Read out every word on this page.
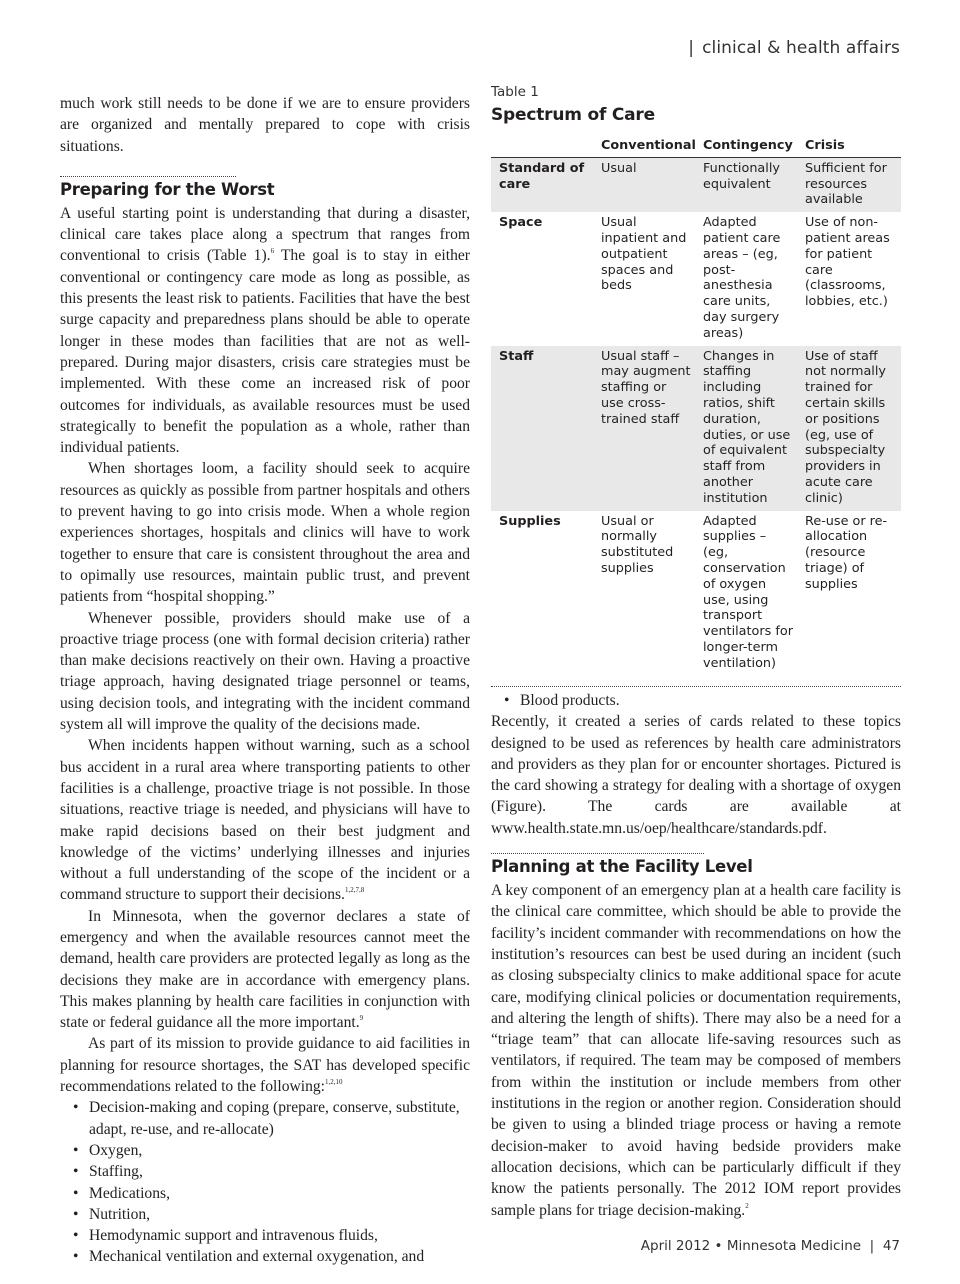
| clinical & health affairs

much work still needs to be done if we are to ensure providers are organized and mentally prepared to cope with crisis situations.

Preparing for the Worst

A useful starting point is understanding that during a disaster, clinical care takes place along a spectrum that ranges from conventional to crisis (Table 1).$^6$ The goal is to stay in either conventional or contingency care mode as long as possible, as this presents the least risk to patients. Facilities that have the best surge capacity and preparedness plans should be able to operate longer in these modes than facilities that are not as well-prepared. During major disasters, crisis care strategies must be implemented. With these come an increased risk of poor outcomes for individuals, as available resources must be used strategically to benefit the population as a whole, rather than individual patients.

When shortages loom, a facility should seek to acquire resources as quickly as possible from partner hospitals and others to prevent having to go into crisis mode. When a whole region experiences shortages, hospitals and clinics will have to work together to ensure that care is consistent throughout the area and to opimally use resources, maintain public trust, and prevent patients from “hospital shopping.”

Whenever possible, providers should make use of a proactive triage process (one with formal decision criteria) rather than make decisions reactively on their own. Having a proactive triage approach, having designated triage personnel or teams, using decision tools, and integrating with the incident command system all will improve the quality of the decisions made.

When incidents happen without warning, such as a school bus accident in a rural area where transporting patients to other facilities is a challenge, proactive triage is not possible. In those situations, reactive triage is needed, and physicians will have to make rapid decisions based on their best judgment and knowledge of the victims’ underlying illnesses and injuries without a full understanding of the scope of the incident or a command structure to support their decisions.$^{1,2,7,8}$

In Minnesota, when the governor declares a state of emergency and when the available resources cannot meet the demand, health care providers are protected legally as long as the decisions they make are in accordance with emergency plans. This makes planning by health care facilities in conjunction with state or federal guidance all the more important.$^9$

As part of its mission to provide guidance to aid facilities in planning for resource shortages, the SAT has developed specific recommendations related to the following:$^{1,2,10}$

• Decision-making and coping (prepare, conserve, substitute, adapt, re-use, and re-allocate)
• Oxygen,
• Staffing,
• Medications,
• Nutrition,
• Hemodynamic support and intravenous fluids,
• Mechanical ventilation and external oxygenation, and
Table 1
Spectrum of Care
	Conventional	Contingency	Crisis
Standard of care	Usual	Functionally equivalent	Sufficient for resources available
Space	Usual inpatient and outpatient spaces and beds	Adapted patient care areas – (eg, post-anesthesia care units, day surgery areas)	Use of non-patient areas for patient care (classrooms, lobbies, etc.)
Staff	Usual staff – may augment staffing or use cross-trained staff	Changes in staffing including ratios, shift duration, duties, or use of equivalent staff from another institution	Use of staff not normally trained for certain skills or positions (eg, use of subspecialty providers in acute care clinic)
Supplies	Usual or normally substituted supplies	Adapted supplies – (eg, conservation of oxygen use, using transport ventilators for longer-term ventilation)	Re-use or re-allocation (resource triage) of supplies
• Blood products.

Recently, it created a series of cards related to these topics designed to be used as references by health care administrators and providers as they plan for or encounter shortages. Pictured is the card showing a strategy for dealing with a shortage of oxygen (Figure). The cards are available at www.health.state.mn.us/oep/healthcare/standards.pdf.

Planning at the Facility Level

A key component of an emergency plan at a health care facility is the clinical care committee, which should be able to provide the facility’s incident commander with recommendations on how the institution’s resources can best be used during an incident (such as closing subspecialty clinics to make additional space for acute care, modifying clinical policies or documentation requirements, and altering the length of shifts). There may also be a need for a “triage team” that can allocate life-saving resources such as ventilators, if required. The team may be composed of members from within the institution or include members from other institutions in the region or another region. Consideration should be given to using a blinded triage process or having a remote decision-maker to avoid having bedside providers make allocation decisions, which can be particularly difficult if they know the patients personally. The 2012 IOM report provides sample plans for triage decision-making.$^2$

April 2012 • Minnesota Medicine  |  47
